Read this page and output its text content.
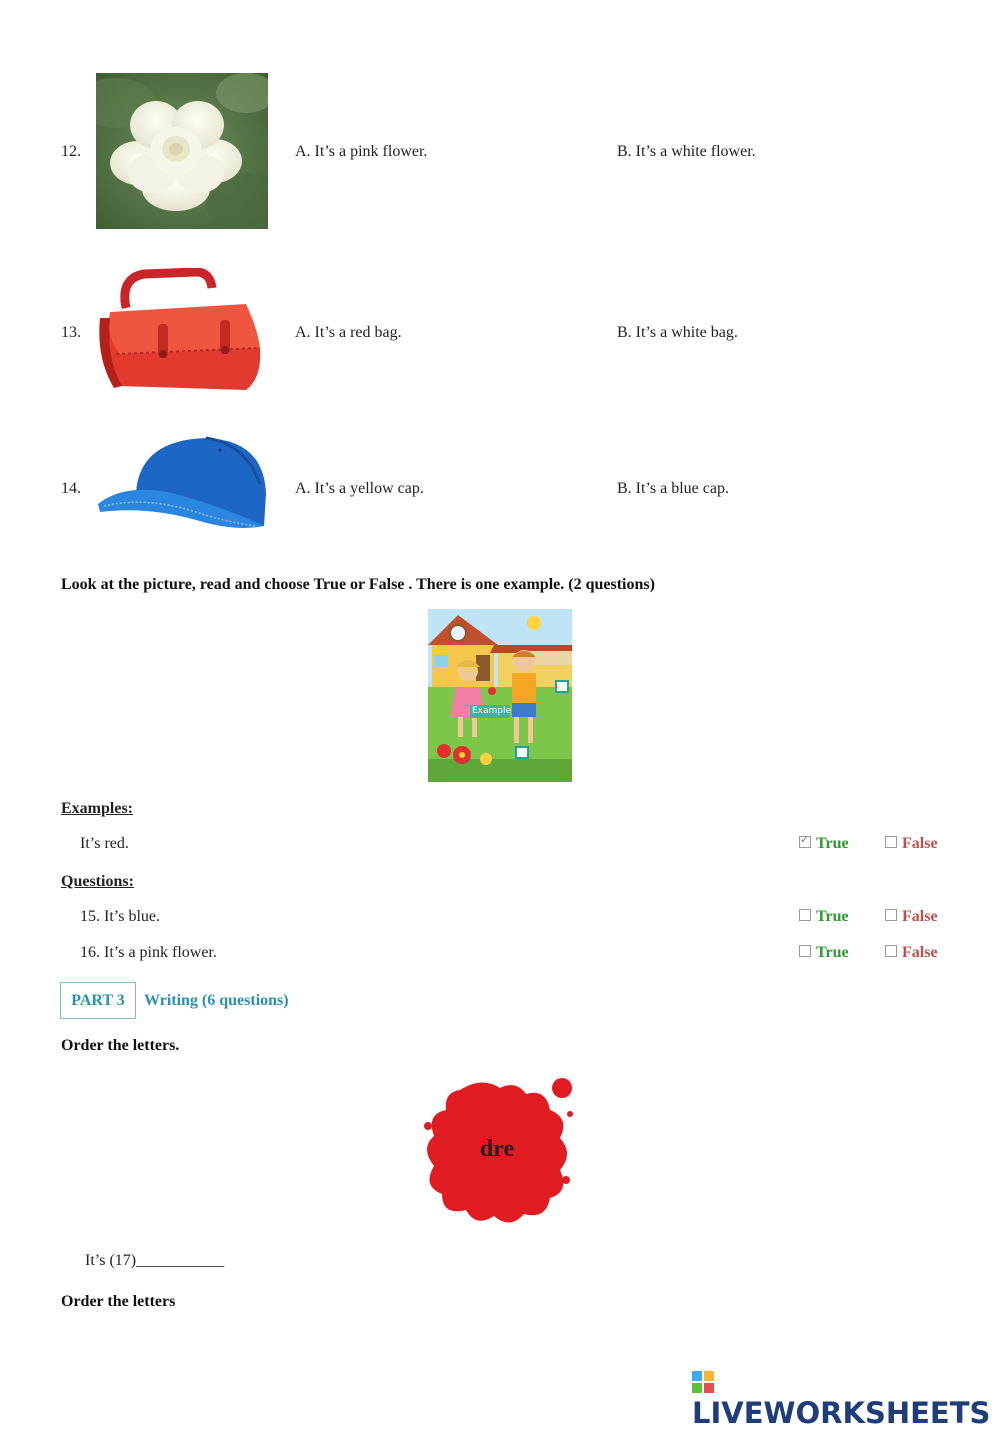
12.	A. It’s a pink flower.	B. It’s a white flower.
13.	A. It’s a red bag.	B. It’s a white bag.
14.	A. It’s a yellow cap.	B. It’s a blue cap.
Look at the picture, read and choose True or False . There is one example. (2 questions)
Example
Examples:
It’s red.
✓	True	False
Questions:
15. It’s blue.	True	False
16. It’s a pink flower.	True	False
PART 3	Writing (6 questions)
Order the letters.
dre
It’s (17)___________
Order the letters
LIVEWORKSHEETS
